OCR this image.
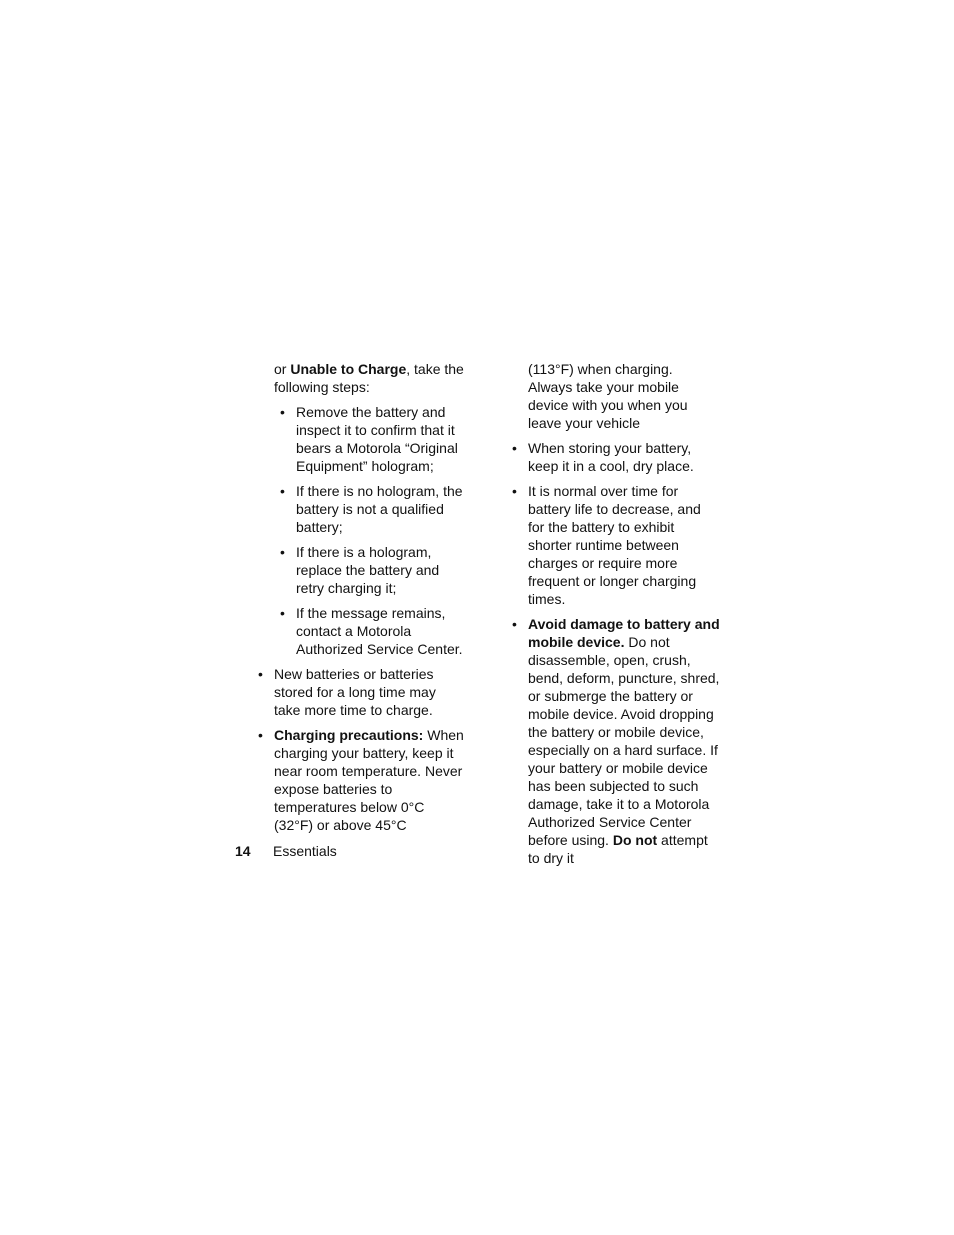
or Unable to Charge, take the following steps:
• Remove the battery and inspect it to confirm that it bears a Motorola “Original Equipment” hologram;
• If there is no hologram, the battery is not a qualified battery;
• If there is a hologram, replace the battery and retry charging it;
• If the message remains, contact a Motorola Authorized Service Center.
• New batteries or batteries stored for a long time may take more time to charge.
• Charging precautions: When charging your battery, keep it near room temperature. Never expose batteries to temperatures below 0°C (32°F) or above 45°C
(113°F) when charging. Always take your mobile device with you when you leave your vehicle
• When storing your battery, keep it in a cool, dry place.
• It is normal over time for battery life to decrease, and for the battery to exhibit shorter runtime between charges or require more frequent or longer charging times.
• Avoid damage to battery and mobile device. Do not disassemble, open, crush, bend, deform, puncture, shred, or submerge the battery or mobile device. Avoid dropping the battery or mobile device, especially on a hard surface. If your battery or mobile device has been subjected to such damage, take it to a Motorola Authorized Service Center before using. Do not attempt to dry it
14 Essentials
